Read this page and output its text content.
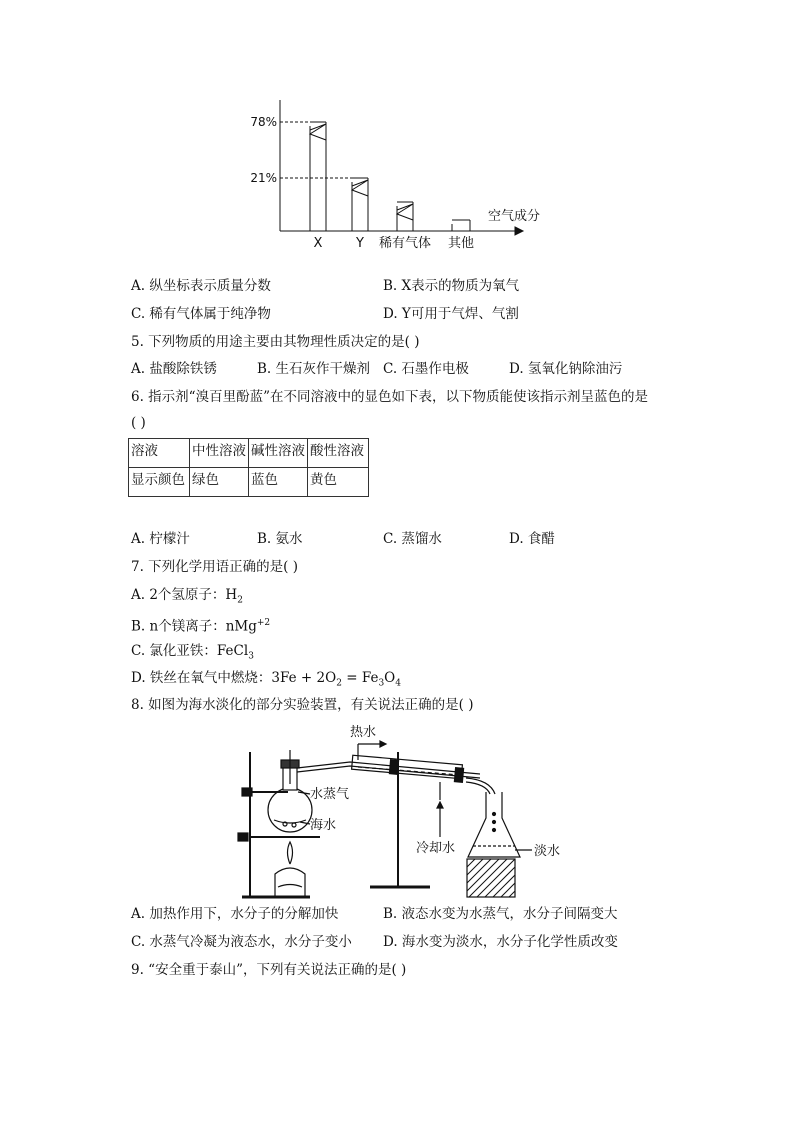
X	Y 稀有气体 其他
78%
21%
空气成分
A. 纵坐标表示质量分数	B. X表示的物质为氧气
C. 稀有气体属于纯净物	D. Y可用于气焊、气割
5. 下列物质的用途主要由其物理性质决定的是( )
A. 盐酸除铁锈	B. 生石灰作干燥剂 C. 石墨作电极	D. 氢氧化钠除油污
6. 指示剂“溴百里酚蓝”在不同溶液中的显色如下表，以下物质能使该指示剂呈蓝色的是
( )
溶液	中性溶液	碱性溶液	酸性溶液
显示颜色	绿色	蓝色	黄色
A. 柠檬汁	B. 氨水	C. 蒸馏水	D. 食醋
7. 下列化学用语正确的是( )
A. 2个氢原子：$H_2$
B. n个镁离子：nMg$^{+2}$
C. 氯化亚铁：FeCl$_3$
D. 铁丝在氧气中燃烧：$3Fe + 2O_2 = Fe_3O_4$
8. 如图为海水淡化的部分实验装置，有关说法正确的是( )
热水
水蒸气
海水
冷却水	淡水
A. 加热作用下，水分子的分解加快	B. 液态水变为水蒸气，水分子间隔变大
C. 水蒸气冷凝为液态水，水分子变小 D. 海水变为淡水，水分子化学性质改变
9. “安全重于泰山”，下列有关说法正确的是( )
